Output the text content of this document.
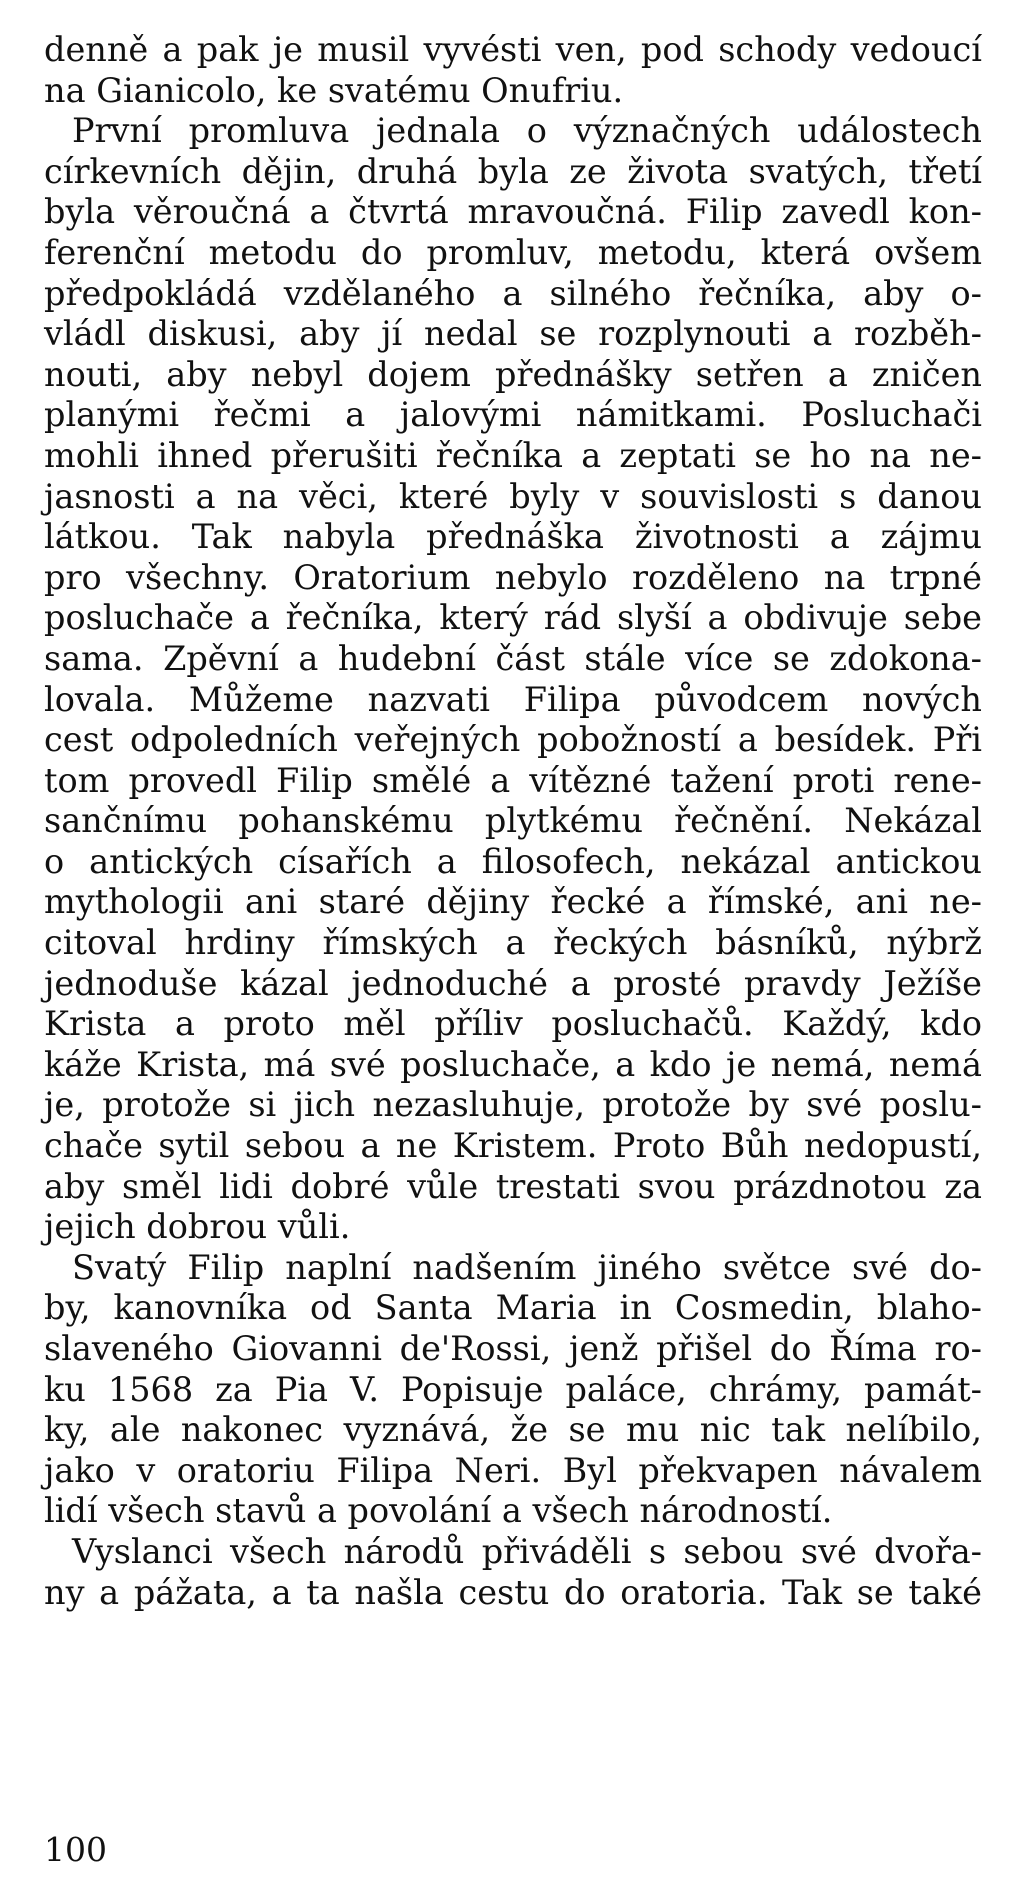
denně a pak je musil vyvésti ven, pod schody vedoucí
na Gianicolo, ke svatému Onufriu.
První promluva jednala o význačných událostech
církevních dějin, druhá byla ze života svatých, třetí
byla věroučná a čtvrtá mravoučná. Filip zavedl kon-
ferenční metodu do promluv, metodu, která ovšem
předpokládá vzdělaného a silného řečníka, aby o-
vládl diskusi, aby jí nedal se rozplynouti a rozběh-
nouti, aby nebyl dojem přednášky setřen a zničen
planými řečmi a jalovými námitkami. Posluchači
mohli ihned přerušiti řečníka a zeptati se ho na ne-
jasnosti a na věci, které byly v souvislosti s danou
látkou. Tak nabyla přednáška životnosti a zájmu
pro všechny. Oratorium nebylo rozděleno na trpné
posluchače a řečníka, který rád slyší a obdivuje sebe
sama. Zpěvní a hudební část stále více se zdokona-
lovala. Můžeme nazvati Filipa původcem nových
cest odpoledních veřejných pobožností a besídek. Při
tom provedl Filip smělé a vítězné tažení proti rene-
sančnímu pohanskému plytkému řečnění. Nekázal
o antických císařích a filosofech, nekázal antickou
mythologii ani staré dějiny řecké a římské, ani ne-
citoval hrdiny římských a řeckých básníků, nýbrž
jednoduše kázal jednoduché a prosté pravdy Ježíše
Krista a proto měl příliv posluchačů. Každý, kdo
káže Krista, má své posluchače, a kdo je nemá, nemá
je, protože si jich nezasluhuje, protože by své poslu-
chače sytil sebou a ne Kristem. Proto Bůh nedopustí,
aby směl lidi dobré vůle trestati svou prázdnotou za
jejich dobrou vůli.
Svatý Filip naplní nadšením jiného světce své do-
by, kanovníka od Santa Maria in Cosmedin, blaho-
slaveného Giovanni de'Rossi, jenž přišel do Říma ro-
ku 1568 za Pia V. Popisuje paláce, chrámy, památ-
ky, ale nakonec vyznává, že se mu nic tak nelíbilo,
jako v oratoriu Filipa Neri. Byl překvapen návalem
lidí všech stavů a povolání a všech národností.
Vyslanci všech národů přiváděli s sebou své dvořa-
ny a pážata, a ta našla cestu do oratoria. Tak se také
100
